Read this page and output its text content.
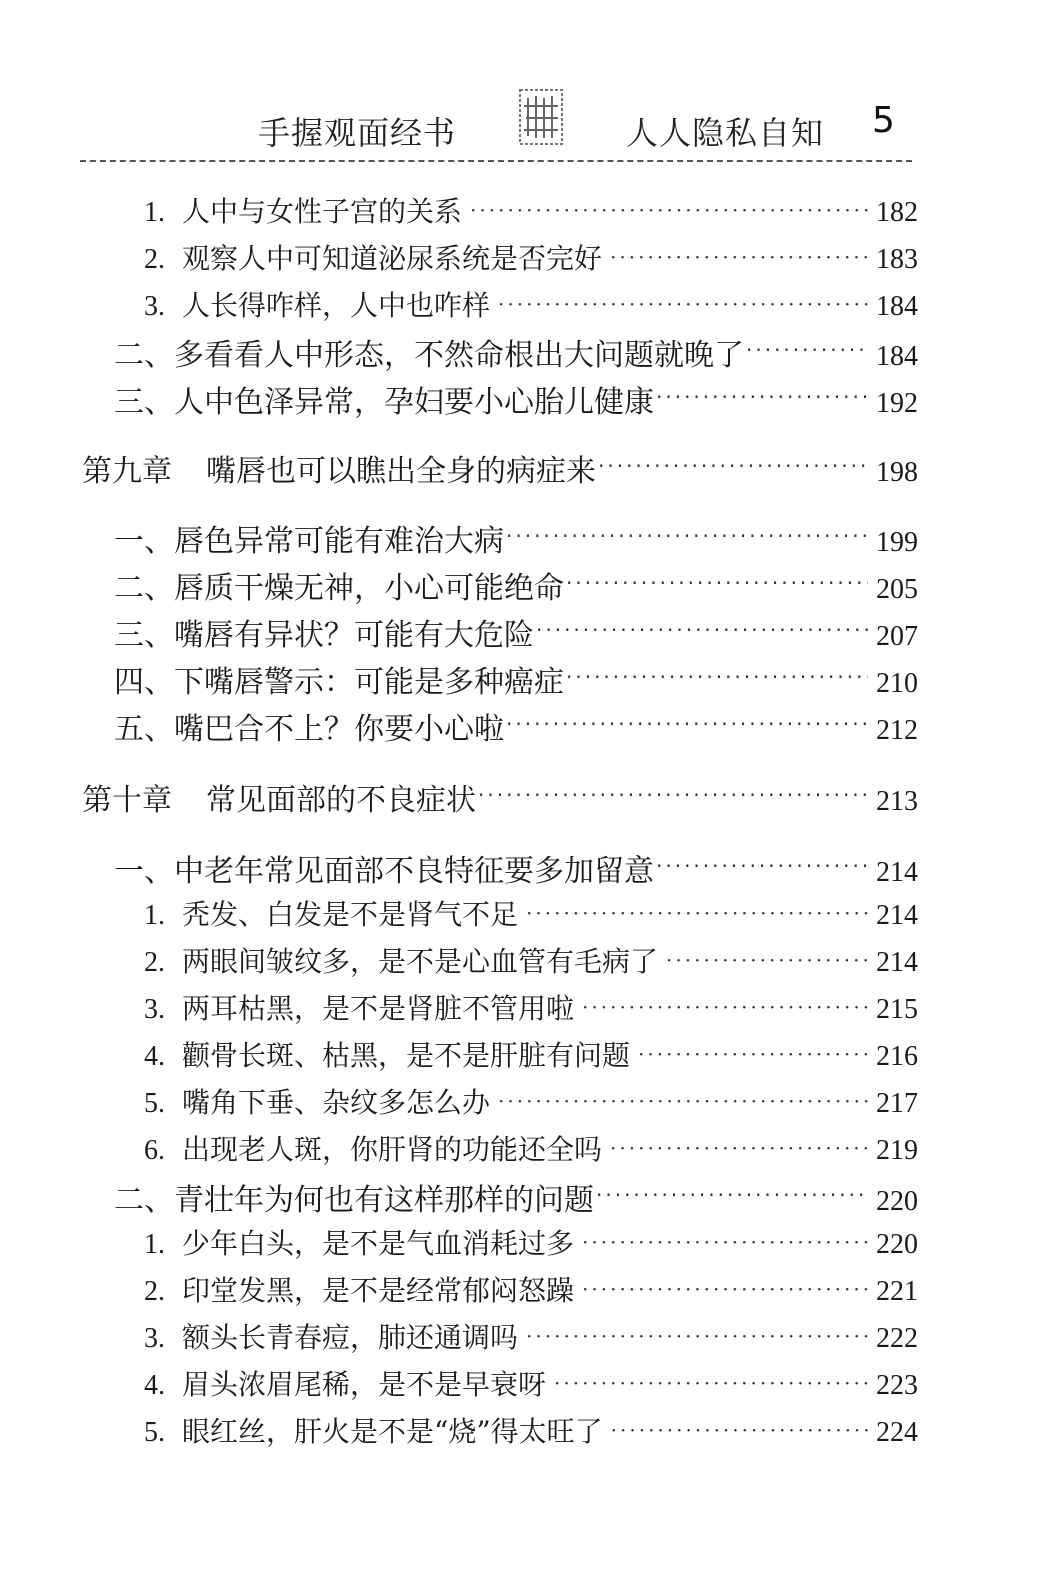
手握观面经书	人人隐私自知 5
1. 人中与女性子宫的关系 ·····	182
2. 观察人中可知道泌尿系统是否完好 ·····	183
3. 人长得咋样，人中也咋样 ·····	184
二、多看看人中形态，不然命根出大问题就晚了 ·····	184
三、人中色泽异常，孕妇要小心胎儿健康 ·····	192
第九章 嘴唇也可以瞧出全身的病症来 ·····	198
一、唇色异常可能有难治大病 ·····	199
二、唇质干燥无神，小心可能绝命 ·····	205
三、嘴唇有异状？可能有大危险 ·····	207
四、下嘴唇警示：可能是多种癌症 ·····	210
五、嘴巴合不上？你要小心啦 ·····	212
第十章 常见面部的不良症状 ·····	213
一、中老年常见面部不良特征要多加留意 ·····	214
1. 秃发、白发是不是肾气不足 ·····	214
2. 两眼间皱纹多，是不是心血管有毛病了 ·····	214
3. 两耳枯黑，是不是肾脏不管用啦 ·····	215
4. 颧骨长斑、枯黑，是不是肝脏有问题 ·····	216
5. 嘴角下垂、杂纹多怎么办 ·····	217
6. 出现老人斑，你肝肾的功能还全吗 ·····	219
二、青壮年为何也有这样那样的问题 ·····	220
1. 少年白头，是不是气血消耗过多 ·····	220
2. 印堂发黑，是不是经常郁闷怒躁 ·····	221
3. 额头长青春痘，肺还通调吗 ·····	222
4. 眉头浓眉尾稀，是不是早衰呀 ·····	223
5. 眼红丝，肝火是不是“烧”得太旺了 ·····	224
